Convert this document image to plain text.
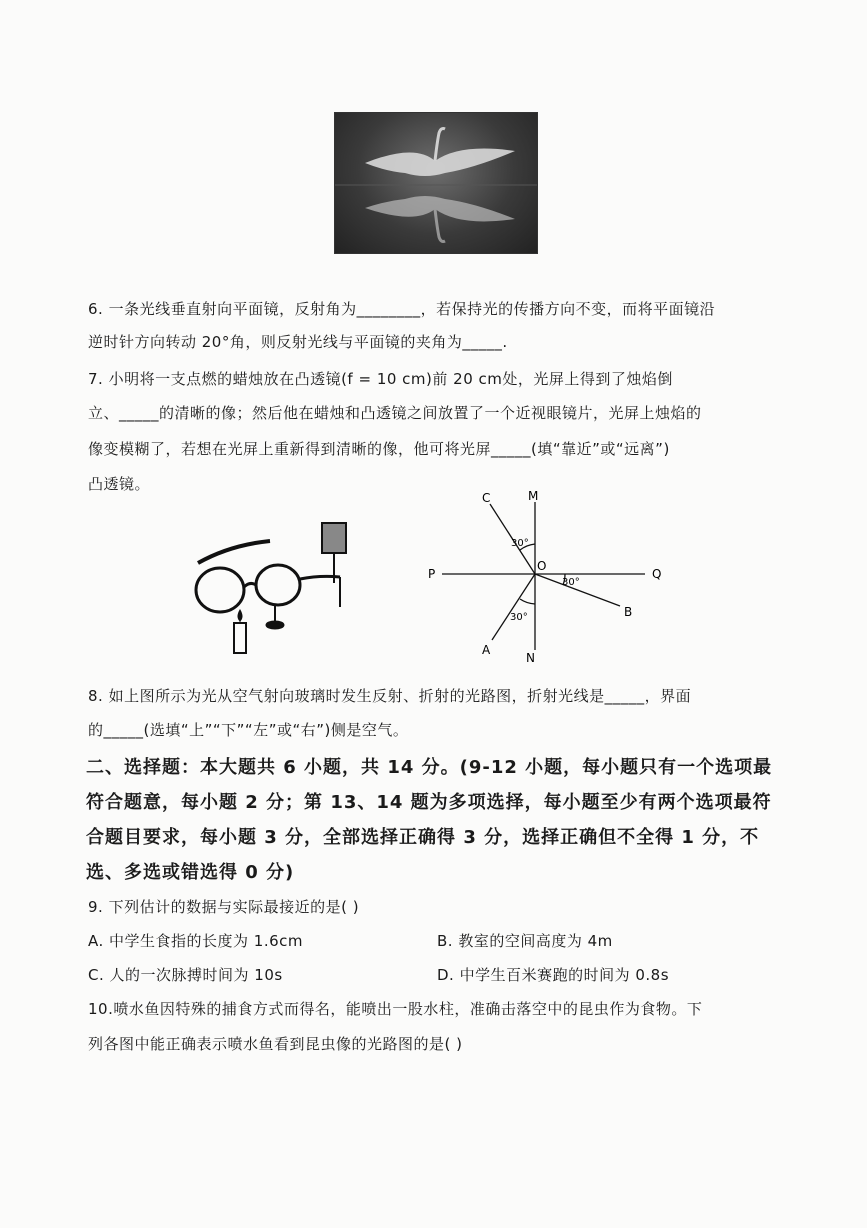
6. 一条光线垂直射向平面镜，反射角为________，若保持光的传播方向不变，而将平面镜沿
逆时针方向转动 20°角，则反射光线与平面镜的夹角为_____.
7. 小明将一支点燃的蜡烛放在凸透镜(f = 10 cm)前 20 cm处，光屏上得到了烛焰倒
立、_____的清晰的像；然后他在蜡烛和凸透镜之间放置了一个近视眼镜片，光屏上烛焰的
像变模糊了，若想在光屏上重新得到清晰的像，他可将光屏_____(填“靠近”或“远离”)
凸透镜。
C	M
O
P	Q
B
A
N
30°
30°
30°
8. 如上图所示为光从空气射向玻璃时发生反射、折射的光路图，折射光线是_____，界面
的_____(选填“上”“下”“左”或“右”)侧是空气。
二、选择题：本大题共 6 小题，共 14 分。(9-12 小题，每小题只有一个选项最
符合题意，每小题 2 分；第 13、14 题为多项选择，每小题至少有两个选项最符
合题目要求，每小题 3 分，全部选择正确得 3 分，选择正确但不全得 1 分，不
选、多选或错选得 0 分)
9. 下列估计的数据与实际最接近的是( )
A. 中学生食指的长度为 1.6cm	B. 教室的空间高度为 4m
C. 人的一次脉搏时间为 10s	D. 中学生百米赛跑的时间为 0.8s
10.喷水鱼因特殊的捕食方式而得名，能喷出一股水柱，准确击落空中的昆虫作为食物。下
列各图中能正确表示喷水鱼看到昆虫像的光路图的是( )
